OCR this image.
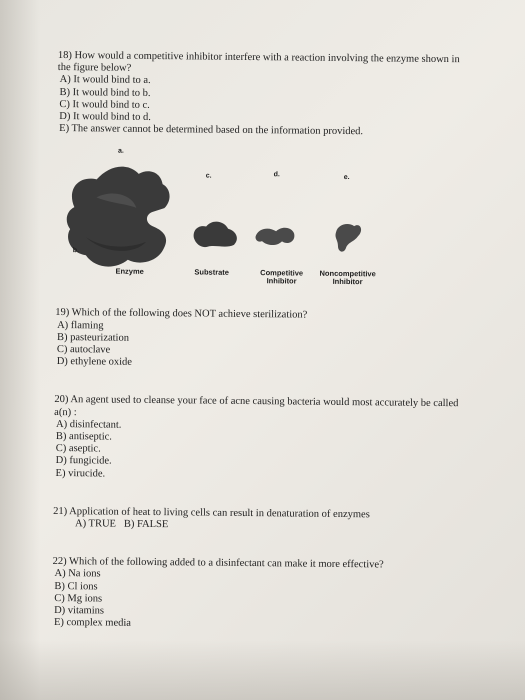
18) How would a competitive inhibitor interfere with a reaction involving the enzyme shown in

the figure below?

A) It would bind to a.

B) It would bind to b.

C) It would bind to c.

D) It would bind to d.

E) The answer cannot be determined based on the information provided.

a.
b.
c.	d.	e.
Enzyme	Substrate	Competitive
Inhibitor
Noncompetitive
Inhibitor

19) Which of the following does NOT achieve sterilization?

A) flaming

B) pasteurization

C) autoclave

D) ethylene oxide

20) An agent used to cleanse your face of acne causing bacteria would most accurately be called

a(n) :

A) disinfectant.

B) antiseptic.

C) aseptic.

D) fungicide.

E) virucide.

21) Application of heat to living cells can result in denaturation of enzymes

A) TRUE   B) FALSE

22) Which of the following added to a disinfectant can make it more effective?

A) Na ions

B) Cl ions

C) Mg ions

D) vitamins

E) complex media
